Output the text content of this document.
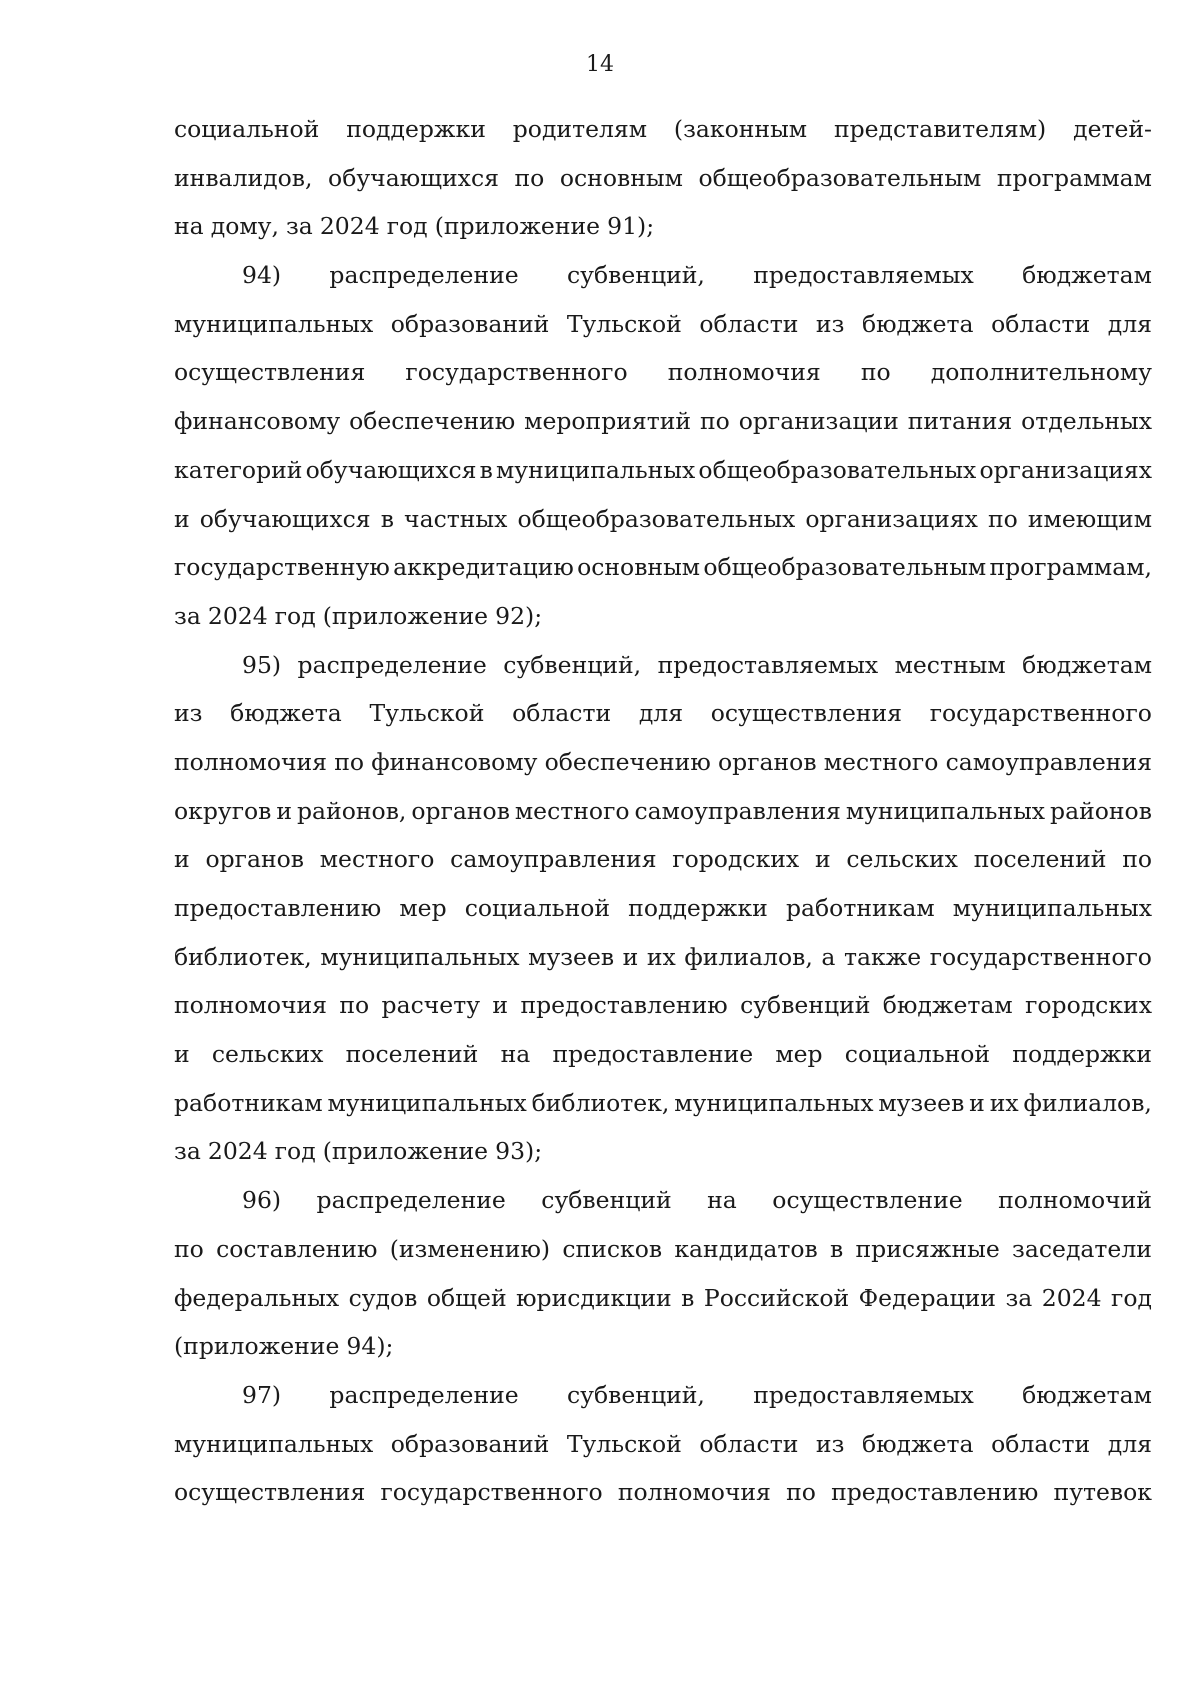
14
социальной поддержки родителям (законным представителям) детей-
инвалидов, обучающихся по основным общеобразовательным программам
на дому, за 2024 год (приложение 91);
94) распределение субвенций, предоставляемых бюджетам
муниципальных образований Тульской области из бюджета области для
осуществления государственного полномочия по дополнительному
финансовому обеспечению мероприятий по организации питания отдельных
категорий обучающихся в муниципальных общеобразовательных организациях
и обучающихся в частных общеобразовательных организациях по имеющим
государственную аккредитацию основным общеобразовательным программам,
за 2024 год (приложение 92);
95) распределение субвенций, предоставляемых местным бюджетам
из бюджета Тульской области для осуществления государственного
полномочия по финансовому обеспечению органов местного самоуправления
округов и районов, органов местного самоуправления муниципальных районов
и органов местного самоуправления городских и сельских поселений по
предоставлению мер социальной поддержки работникам муниципальных
библиотек, муниципальных музеев и их филиалов, а также государственного
полномочия по расчету и предоставлению субвенций бюджетам городских
и сельских поселений на предоставление мер социальной поддержки
работникам муниципальных библиотек, муниципальных музеев и их филиалов,
за 2024 год (приложение 93);
96) распределение субвенций на осуществление полномочий
по составлению (изменению) списков кандидатов в присяжные заседатели
федеральных судов общей юрисдикции в Российской Федерации за 2024 год
(приложение 94);
97) распределение субвенций, предоставляемых бюджетам
муниципальных образований Тульской области из бюджета области для
осуществления государственного полномочия по предоставлению путевок
